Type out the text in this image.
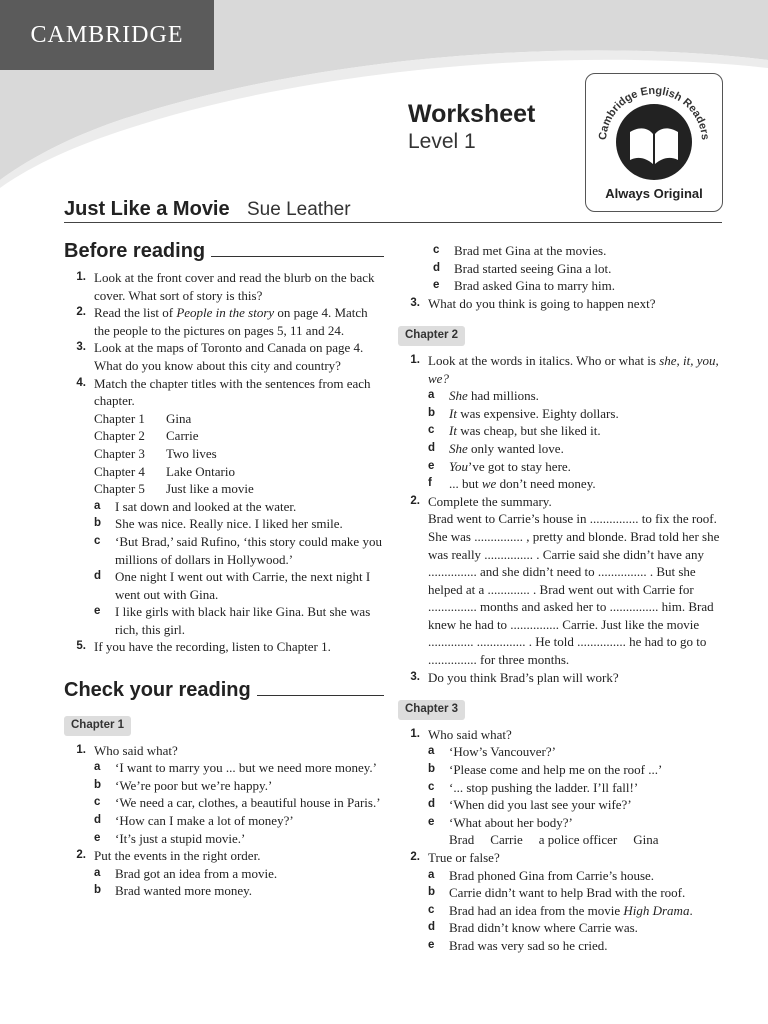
CAMBRIDGE
Worksheet
Level 1	Cambridge English Readers
Always Original
Just Like a Movie Sue Leather
Before reading
1. Look at the front cover and read the blurb on the back cover. What sort of story is this?
2. Read the list of People in the story on page 4. Match the people to the pictures on pages 5, 11 and 24.
3. Look at the maps of Toronto and Canada on page 4. What do you know about this city and country?
4. Match the chapter titles with the sentences from each chapter.
Chapter 1	Gina
Chapter 2	Carrie
Chapter 3	Two lives
Chapter 4	Lake Ontario
Chapter 5	Just like a movie
a	I sat down and looked at the water.
b	She was nice. Really nice. I liked her smile.
c	‘But Brad,’ said Rufino, ‘this story could make you millions of dollars in Hollywood.’
d	One night I went out with Carrie, the next night I went out with Gina.
e	I like girls with black hair like Gina. But she was rich, this girl.
5. If you have the recording, listen to Chapter 1.
Check your reading
Chapter 1
1. Who said what?
a	‘I want to marry you ... but we need more money.’
b	‘We’re poor but we’re happy.’
c	‘We need a car, clothes, a beautiful house in Paris.’
d	‘How can I make a lot of money?’
e	‘It’s just a stupid movie.’
2. Put the events in the right order.
a	Brad got an idea from a movie.
b	Brad wanted more money.
c	Brad met Gina at the movies.
d	Brad started seeing Gina a lot.
e	Brad asked Gina to marry him.
3. What do you think is going to happen next?
Chapter 2
1. Look at the words in italics. Who or what is she, it, you, we?
a	She had millions.
b	It was expensive. Eighty dollars.
c	It was cheap, but she liked it.
d	She only wanted love.
e	You’ve got to stay here.
f	... but we don’t need money.
2. Complete the summary.
Brad went to Carrie’s house in ............... to fix the roof. She was ............... , pretty and blonde. Brad told her she was really ............... . Carrie said she didn’t have any ............... and she didn’t need to ............... . But she helped at a ............. . Brad went out with Carrie for ............... months and asked her to ............... him. Brad knew he had to ............... Carrie. Just like the movie .............. ............... . He told ............... he had to go to ............... for three months.
3. Do you think Brad’s plan will work?
Chapter 3
1. Who said what?
a	‘How’s Vancouver?’
b	‘Please come and help me on the roof ...’
c	‘... stop pushing the ladder. I’ll fall!’
d	‘When did you last see your wife?’
e	‘What about her body?’
Brad Carrie a police officer Gina
2. True or false?
a	Brad phoned Gina from Carrie’s house.
b	Carrie didn’t want to help Brad with the roof.
c	Brad had an idea from the movie High Drama.
d	Brad didn’t know where Carrie was.
e	Brad was very sad so he cried.
